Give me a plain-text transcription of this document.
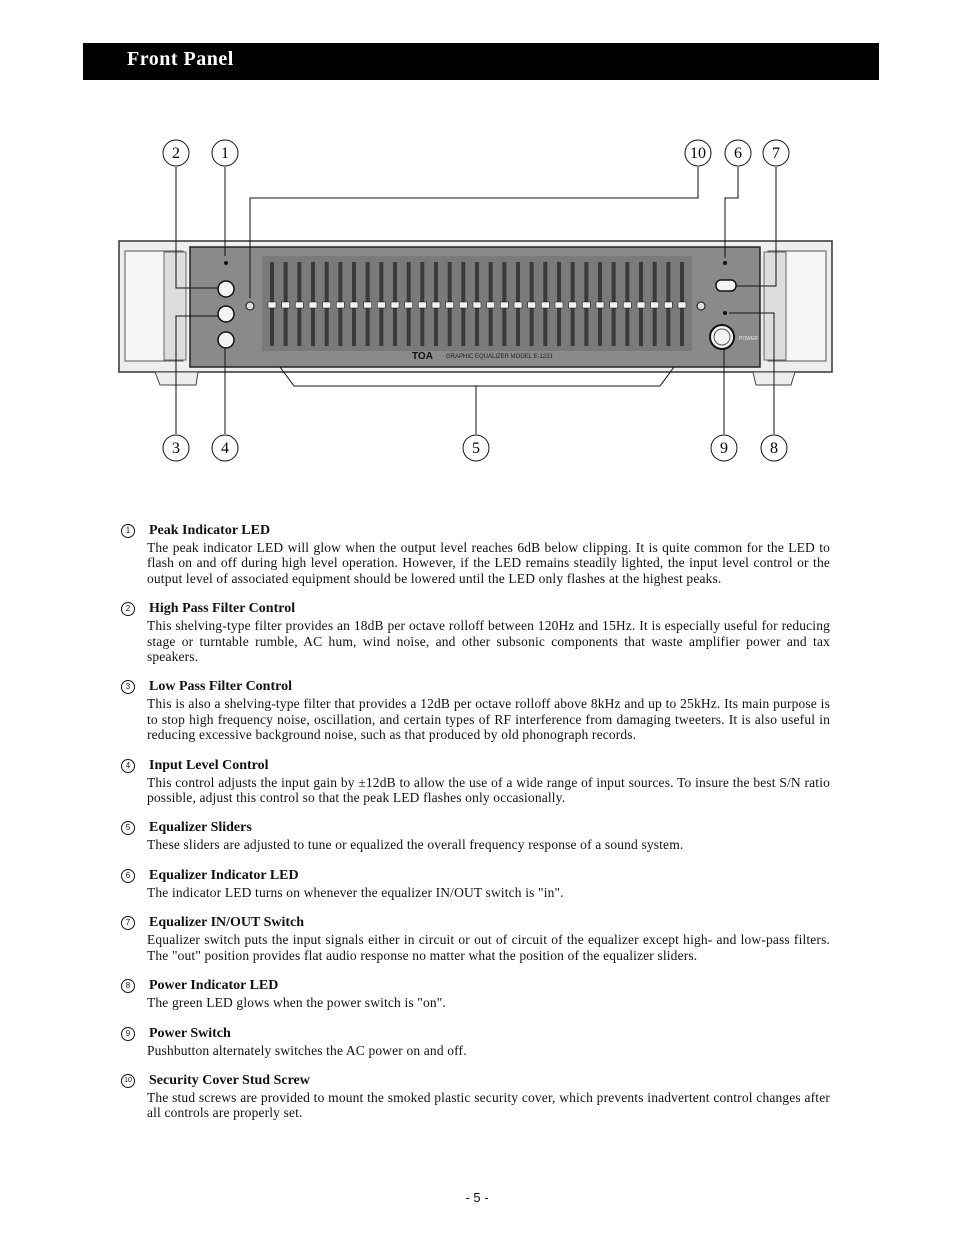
Front Panel
POWER
TOA GRAPHIC EQUALIZER MODEL E-1231
2	1	10 6 7
3	4	5	9	8
1	Peak Indicator LED
The peak indicator LED will glow when the output level reaches 6dB below clipping. It is quite common for the LED to flash on and off during high level operation. However, if the LED remains steadily lighted, the input level control or the output level of associated equipment should be lowered until the LED only flashes at the highest peaks.
2	High Pass Filter Control
This shelving-type filter provides an 18dB per octave rolloff between 120Hz and 15Hz. It is especially useful for reducing stage or turntable rumble, AC hum, wind noise, and other subsonic components that waste amplifier power and tax speakers.
3	Low Pass Filter Control
This is also a shelving-type filter that provides a 12dB per octave rolloff above 8kHz and up to 25kHz. Its main purpose is to stop high frequency noise, oscillation, and certain types of RF interference from damaging tweeters. It is also useful in reducing excessive background noise, such as that produced by old phonograph records.
4	Input Level Control
This control adjusts the input gain by ±12dB to allow the use of a wide range of input sources. To insure the best S/N ratio possible, adjust this control so that the peak LED flashes only occasionally.
5	Equalizer Sliders
These sliders are adjusted to tune or equalized the overall frequency response of a sound system.
6	Equalizer Indicator LED
The indicator LED turns on whenever the equalizer IN/OUT switch is "in".
7	Equalizer IN/OUT Switch
Equalizer switch puts the input signals either in circuit or out of circuit of the equalizer except high- and low-pass filters. The "out" position provides flat audio response no matter what the position of the equalizer sliders.
8	Power Indicator LED
The green LED glows when the power switch is "on".
9	Power Switch
Pushbutton alternately switches the AC power on and off.
10 Security Cover Stud Screw
The stud screws are provided to mount the smoked plastic security cover, which prevents inadvertent control changes after all controls are properly set.
- 5 -
